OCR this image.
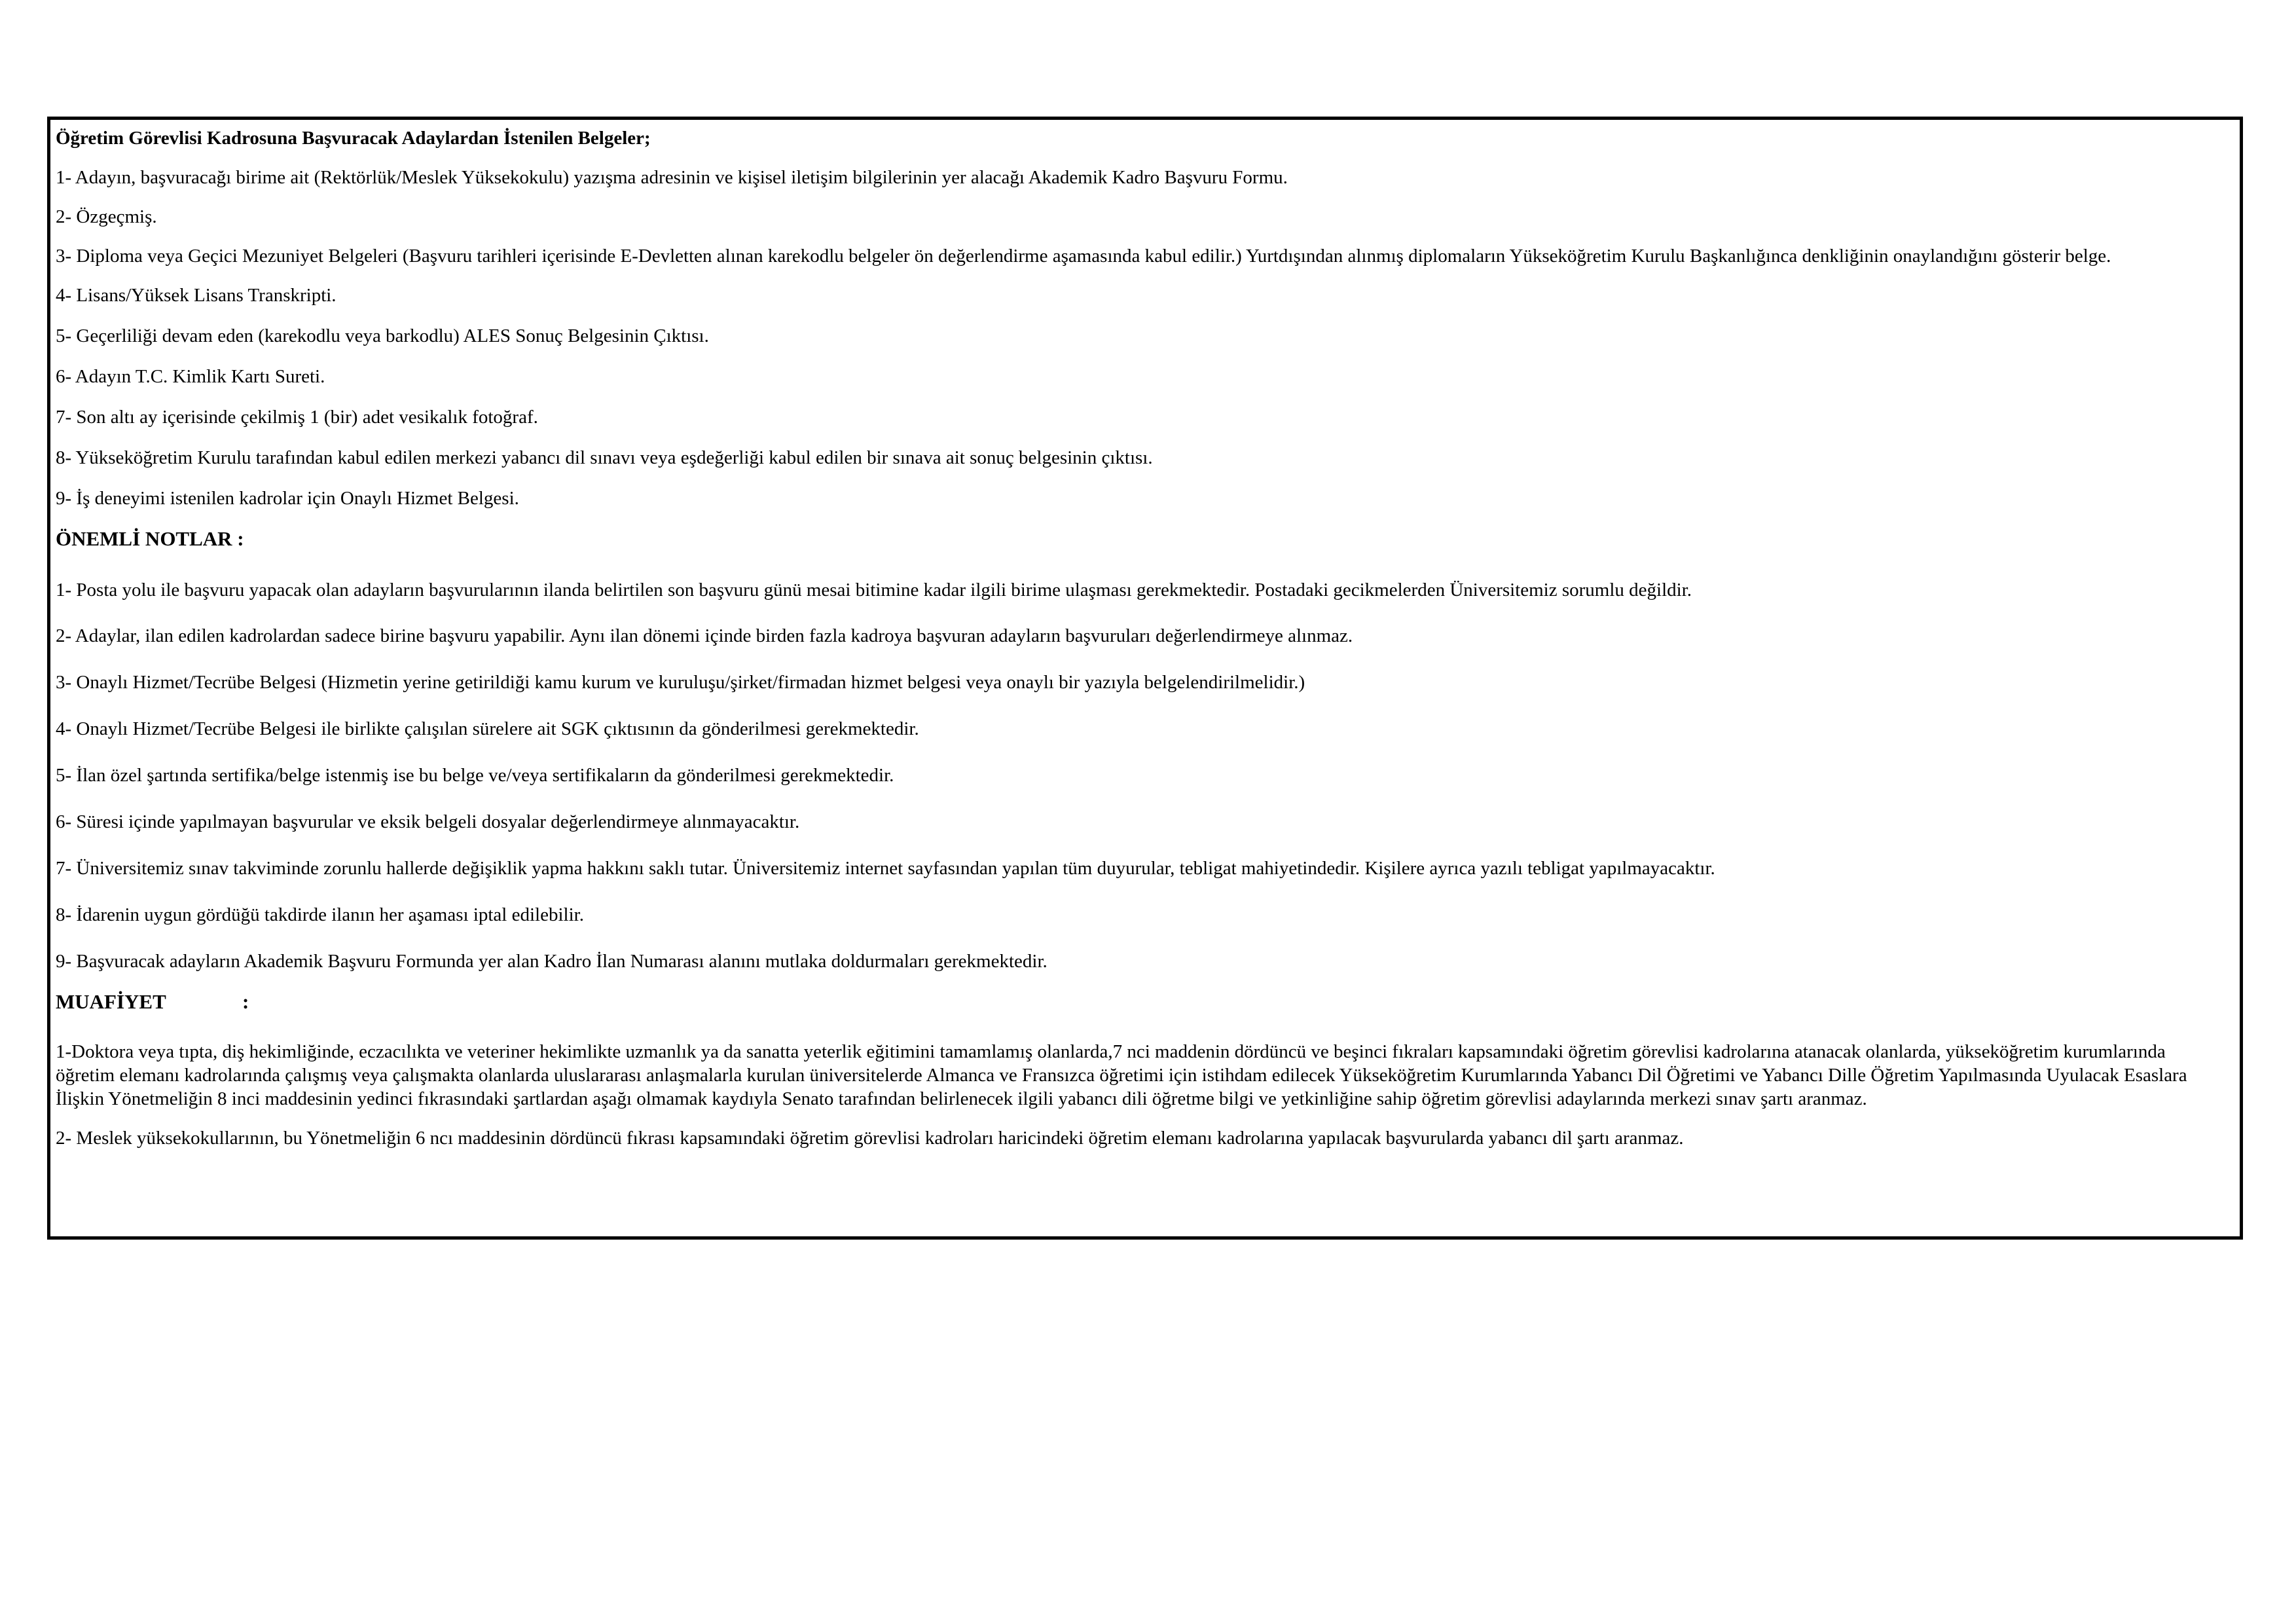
Öğretim Görevlisi Kadrosuna Başvuracak Adaylardan İstenilen Belgeler;
1- Adayın, başvuracağı birime ait (Rektörlük/Meslek Yüksekokulu) yazışma adresinin ve kişisel iletişim bilgilerinin yer alacağı Akademik Kadro Başvuru Formu.
2- Özgeçmiş.
3- Diploma veya Geçici Mezuniyet Belgeleri (Başvuru tarihleri içerisinde E-Devletten alınan karekodlu belgeler ön değerlendirme aşamasında kabul edilir.) Yurtdışından alınmış diplomaların Yükseköğretim Kurulu Başkanlığınca denkliğinin onaylandığını gösterir belge.
4- Lisans/Yüksek Lisans Transkripti.
5- Geçerliliği devam eden (karekodlu veya barkodlu) ALES Sonuç Belgesinin Çıktısı.
6- Adayın T.C. Kimlik Kartı Sureti.
7- Son altı ay içerisinde çekilmiş 1 (bir) adet vesikalık fotoğraf.
8- Yükseköğretim Kurulu tarafından kabul edilen merkezi yabancı dil sınavı veya eşdeğerliği kabul edilen bir sınava ait sonuç belgesinin çıktısı.
9- İş deneyimi istenilen kadrolar için Onaylı Hizmet Belgesi.
ÖNEMLİ NOTLAR :
1- Posta yolu ile başvuru yapacak olan adayların başvurularının ilanda belirtilen son başvuru günü mesai bitimine kadar ilgili birime ulaşması gerekmektedir. Postadaki gecikmelerden Üniversitemiz sorumlu değildir.
2- Adaylar, ilan edilen kadrolardan sadece birine başvuru yapabilir. Aynı ilan dönemi içinde birden fazla kadroya başvuran adayların başvuruları değerlendirmeye alınmaz.
3- Onaylı Hizmet/Tecrübe Belgesi (Hizmetin yerine getirildiği kamu kurum ve kuruluşu/şirket/firmadan hizmet belgesi veya onaylı bir yazıyla belgelendirilmelidir.)
4- Onaylı Hizmet/Tecrübe Belgesi ile birlikte çalışılan sürelere ait SGK çıktısının da gönderilmesi gerekmektedir.
5- İlan özel şartında sertifika/belge istenmiş ise bu belge ve/veya sertifikaların da gönderilmesi gerekmektedir.
6- Süresi içinde yapılmayan başvurular ve eksik belgeli dosyalar değerlendirmeye alınmayacaktır.
7- Üniversitemiz sınav takviminde zorunlu hallerde değişiklik yapma hakkını saklı tutar. Üniversitemiz internet sayfasından yapılan tüm duyurular, tebligat mahiyetindedir. Kişilere ayrıca yazılı tebligat yapılmayacaktır.
8- İdarenin uygun gördüğü takdirde ilanın her aşaması iptal edilebilir.
9- Başvuracak adayların Akademik Başvuru Formunda yer alan Kadro İlan Numarası alanını mutlaka doldurmaları gerekmektedir.
MUAFİYET	:
1-Doktora veya tıpta, diş hekimliğinde, eczacılıkta ve veteriner hekimlikte uzmanlık ya da sanatta yeterlik eğitimini tamamlamış olanlarda,7 nci maddenin dördüncü ve beşinci fıkraları kapsamındaki öğretim görevlisi kadrolarına atanacak olanlarda, yükseköğretim kurumlarında öğretim elemanı kadrolarında çalışmış veya çalışmakta olanlarda uluslararası anlaşmalarla kurulan üniversitelerde Almanca ve Fransızca öğretimi için istihdam edilecek Yükseköğretim Kurumlarında Yabancı Dil Öğretimi ve Yabancı Dille Öğretim Yapılmasında Uyulacak Esaslara İlişkin Yönetmeliğin 8 inci maddesinin yedinci fıkrasındaki şartlardan aşağı olmamak kaydıyla Senato tarafından belirlenecek ilgili yabancı dili öğretme bilgi ve yetkinliğine sahip öğretim görevlisi adaylarında merkezi sınav şartı aranmaz.
2- Meslek yüksekokullarının, bu Yönetmeliğin 6 ncı maddesinin dördüncü fıkrası kapsamındaki öğretim görevlisi kadroları haricindeki öğretim elemanı kadrolarına yapılacak başvurularda yabancı dil şartı aranmaz.
